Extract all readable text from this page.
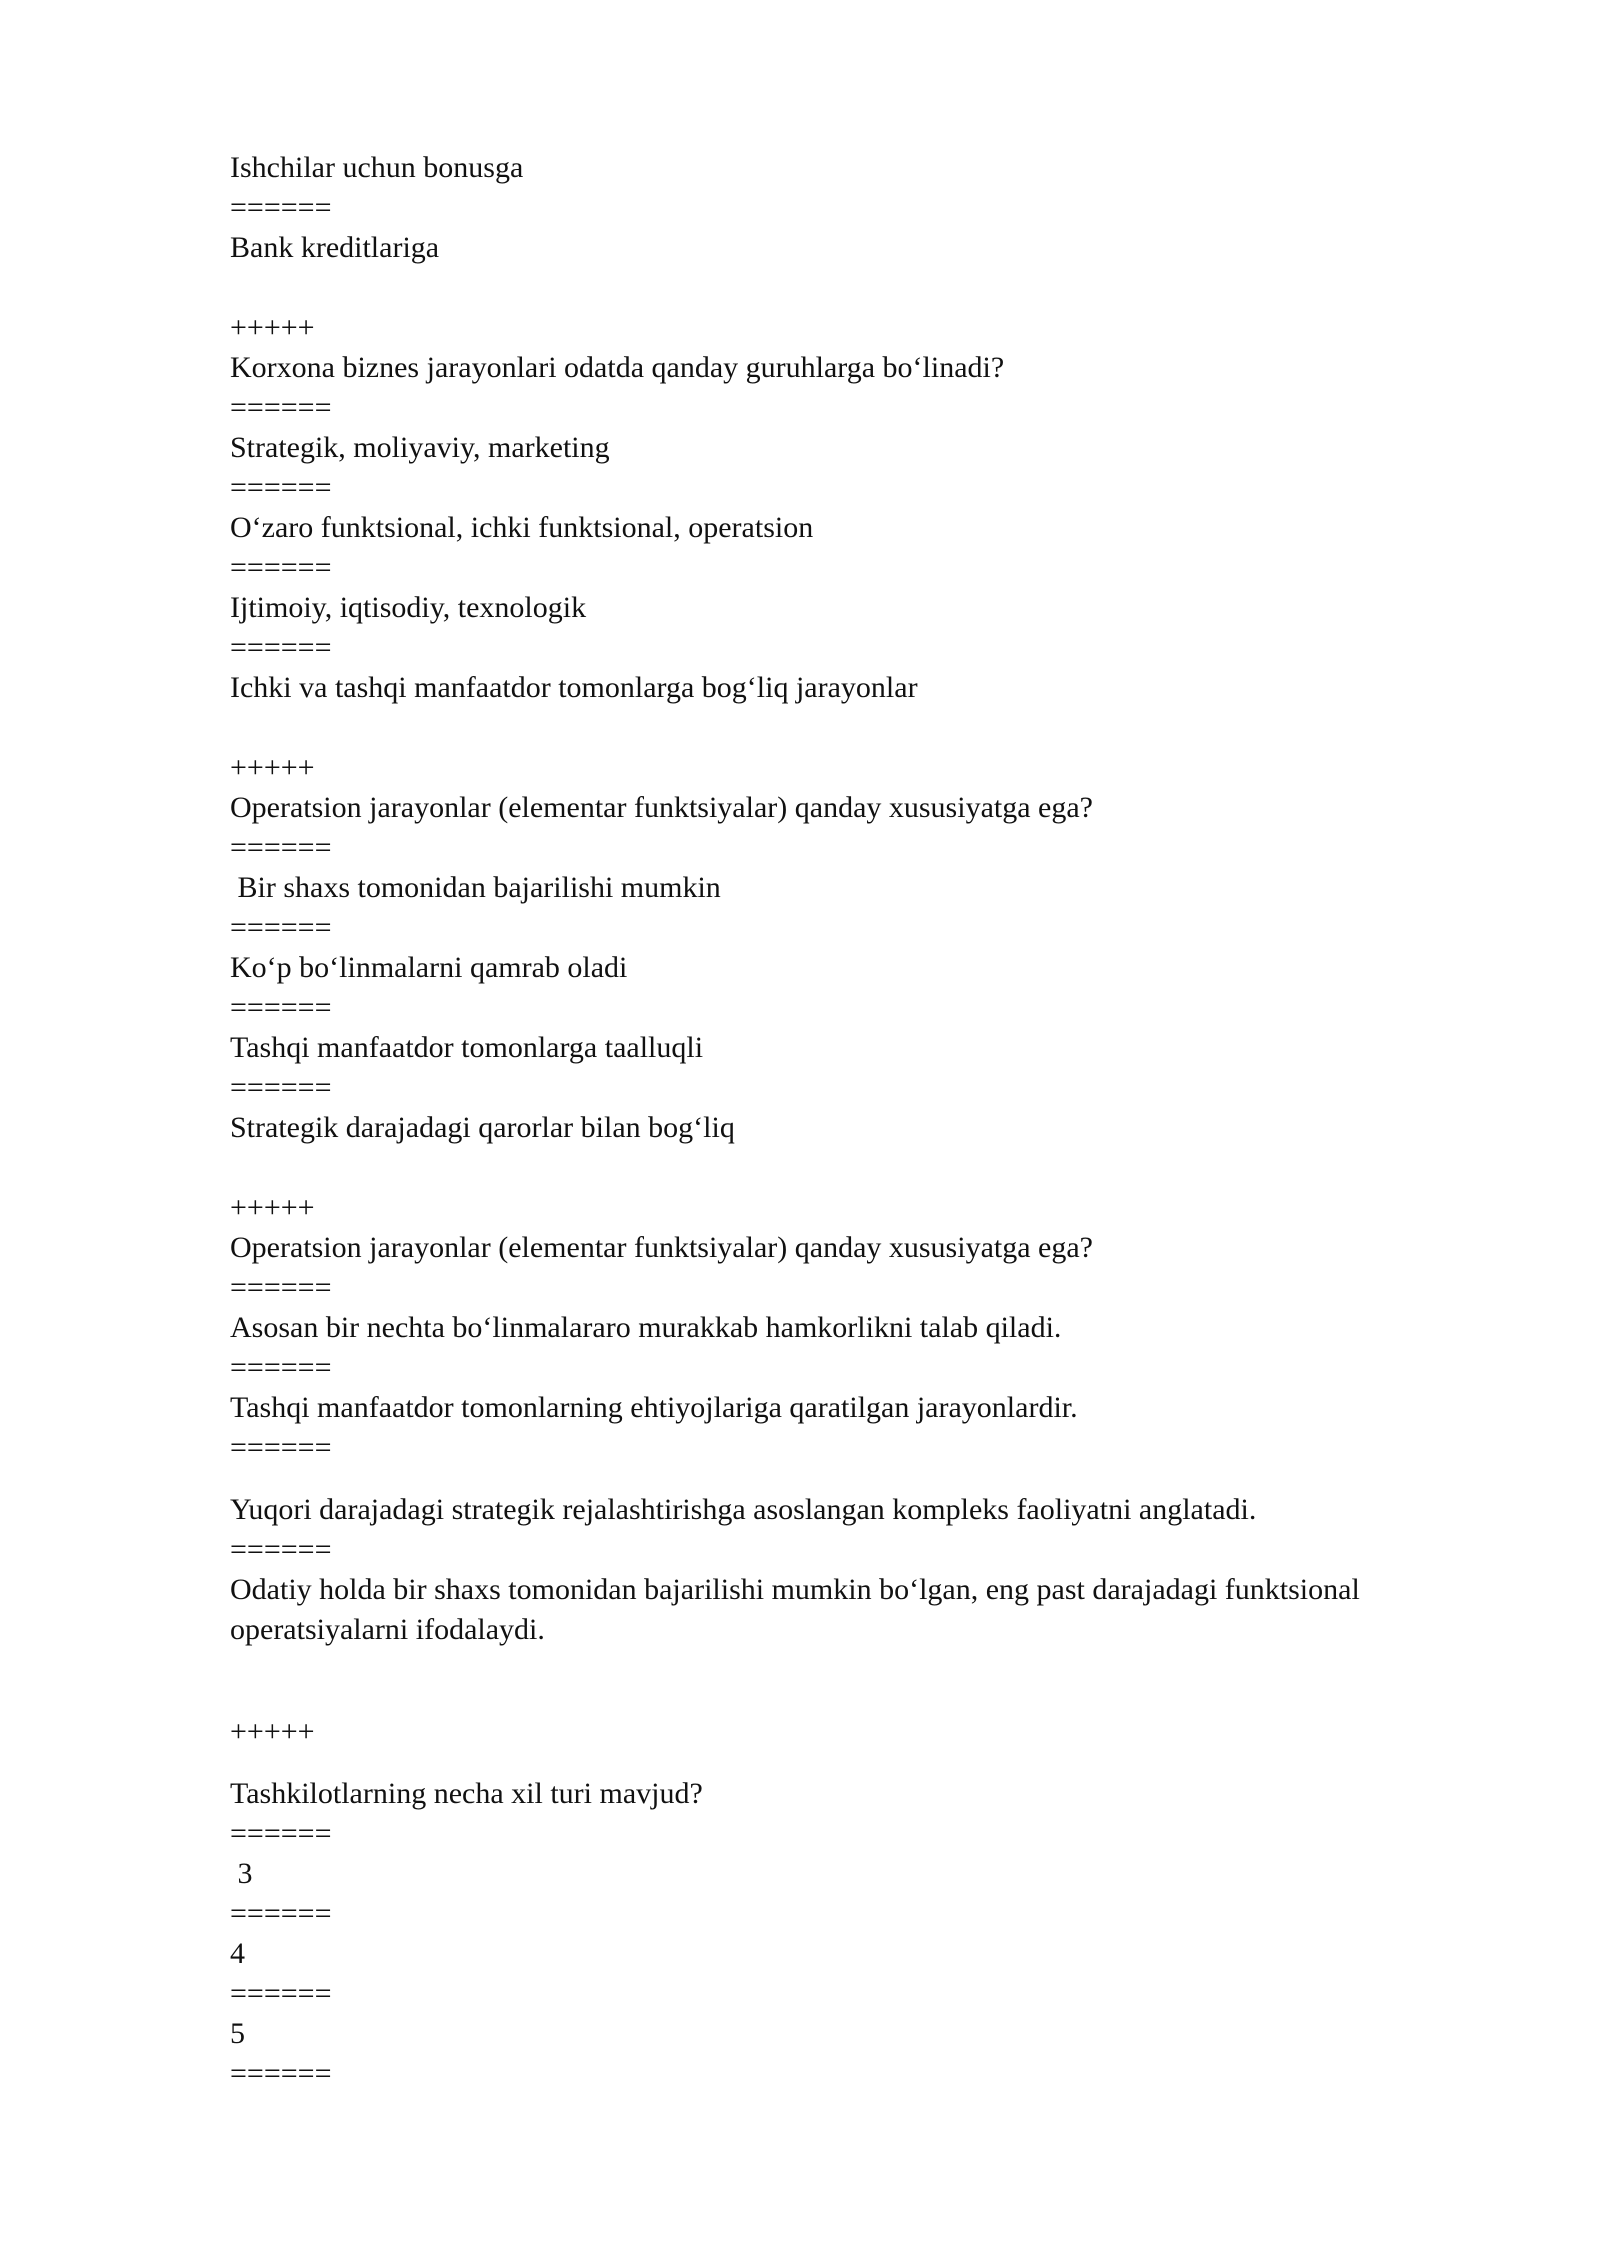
Ishchilar uchun bonusga
======
Bank kreditlariga
+++++
Korxona biznes jarayonlari odatda qanday guruhlarga bo‘linadi?
======
Strategik, moliyaviy, marketing
======
O‘zaro funktsional, ichki funktsional, operatsion
======
Ijtimoiy, iqtisodiy, texnologik
======
Ichki va tashqi manfaatdor tomonlarga bog‘liq jarayonlar
+++++
Operatsion jarayonlar (elementar funktsiyalar) qanday xususiyatga ega?
======
Bir shaxs tomonidan bajarilishi mumkin
======
Ko‘p bo‘linmalarni qamrab oladi
======
Tashqi manfaatdor tomonlarga taalluqli
======
Strategik darajadagi qarorlar bilan bog‘liq
+++++
Operatsion jarayonlar (elementar funktsiyalar) qanday xususiyatga ega?
======
Asosan bir nechta bo‘linmalararo murakkab hamkorlikni talab qiladi.
======
Tashqi manfaatdor tomonlarning ehtiyojlariga qaratilgan jarayonlardir.
======
Yuqori darajadagi strategik rejalashtirishga asoslangan kompleks faoliyatni anglatadi.
======
Odatiy holda bir shaxs tomonidan bajarilishi mumkin bo‘lgan, eng past darajadagi funktsional operatsiyalarni ifodalaydi.
+++++
Tashkilotlarning necha xil turi mavjud?
======
3
======
4
======
5
======
